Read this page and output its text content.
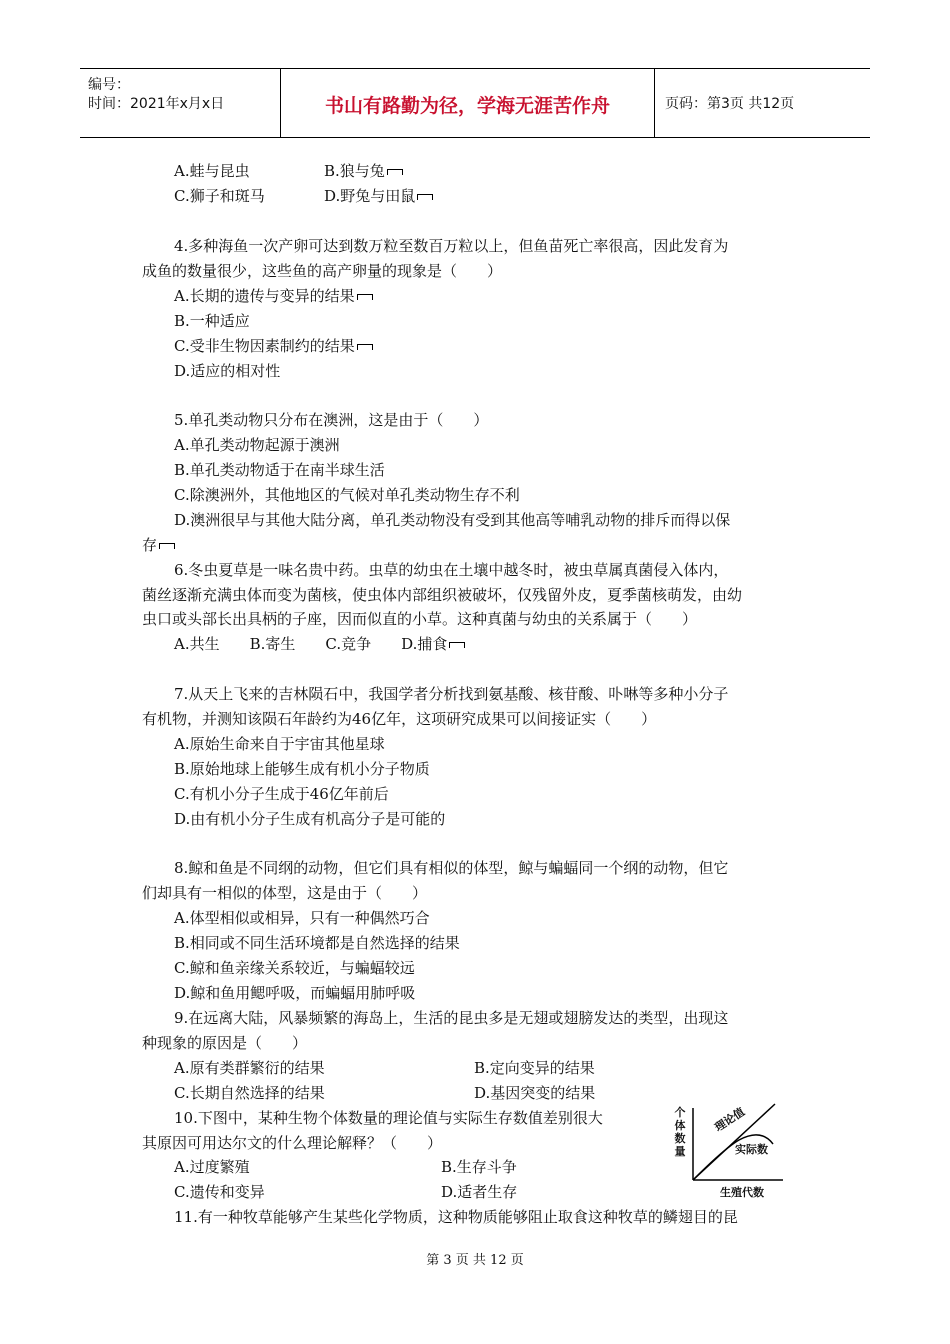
编号：
时间：2021年x月x日	书山有路勤为径，学海无涯苦作舟	页码：第3页 共12页
A.蛙与昆虫	B.狼与兔
C.狮子和斑马	D.野兔与田鼠
4.多种海鱼一次产卵可达到数万粒至数百万粒以上，但鱼苗死亡率很高，因此发育为
成鱼的数量很少，这些鱼的高产卵量的现象是（　　）
A.长期的遗传与变异的结果
B.一种适应
C.受非生物因素制约的结果
D.适应的相对性
5.单孔类动物只分布在澳洲，这是由于（　　）
A.单孔类动物起源于澳洲
B.单孔类动物适于在南半球生活
C.除澳洲外，其他地区的气候对单孔类动物生存不利
D.澳洲很早与其他大陆分离，单孔类动物没有受到其他高等哺乳动物的排斥而得以保
存
6.冬虫夏草是一味名贵中药。虫草的幼虫在土壤中越冬时，被虫草属真菌侵入体内，
菌丝逐渐充满虫体而变为菌核，使虫体内部组织被破坏，仅残留外皮，夏季菌核萌发，由幼
虫口或头部长出具柄的子座，因而似直的小草。这种真菌与幼虫的关系属于（　　）
A.共生　　B.寄生　　C.竞争　　D.捕食
7.从天上飞来的吉林陨石中，我国学者分析找到氨基酸、核苷酸、卟啉等多种小分子
有机物，并测知该陨石年龄约为46亿年，这项研究成果可以间接证实（　　）
A.原始生命来自于宇宙其他星球
B.原始地球上能够生成有机小分子物质
C.有机小分子生成于46亿年前后
D.由有机小分子生成有机高分子是可能的
8.鲸和鱼是不同纲的动物，但它们具有相似的体型，鲸与蝙蝠同一个纲的动物，但它
们却具有一相似的体型，这是由于（　　）
A.体型相似或相异，只有一种偶然巧合
B.相同或不同生活环境都是自然选择的结果
C.鲸和鱼亲缘关系较近，与蝙蝠较远
D.鲸和鱼用鳃呼吸，而蝙蝠用肺呼吸
9.在远离大陆，风暴频繁的海岛上，生活的昆虫多是无翅或翅膀发达的类型，出现这
种现象的原因是（　　）
A.原有类群繁衍的结果	B.定向变异的结果
C.长期自然选择的结果	D.基因突变的结果
10.下图中，某种生物个体数量的理论值与实际生存数值差别很大
其原因可用达尔文的什么理论解释？（　　）
A.过度繁殖	B.生存斗争
C.遗传和变异	D.适者生存
11.有一种牧草能够产生某些化学物质，这种物质能够阻止取食这种牧草的鳞翅目的昆
个体数量
理论值
实际数
生殖代数
第 3 页 共 12 页
